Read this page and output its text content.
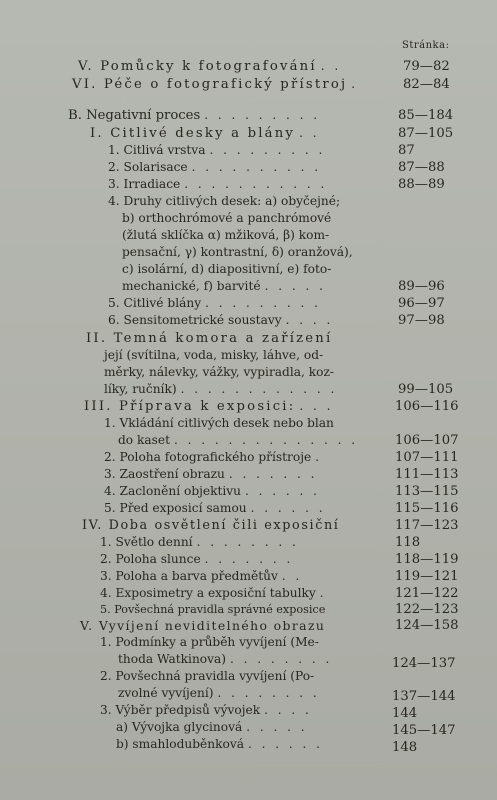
Stránka:
V. Pomůcky k fotografování . .	79—82
VI. Péče o fotografický přístroj .	82—84
B. Negativní proces . . . . . . . . .	85—184
I. Citlivé desky a blány . .	87—105
1. Citlivá vrstva . . . . . . . . .	87
2. Solarisace . . . . . . . . . .	87—88
3. Irradiace . . . . . . . . . . .	88—89
4. Druhy citlivých desek: a) obyčejné;
b) orthochrómové a panchrómové
(žlutá sklíčka α) mžiková, β) kom-
pensační, γ) kontrastní, δ) oranžová),
c) isolární, d) diapositivní, e) foto-
mechanické, f) barvité . . . . .	89—96
5. Citlivé blány . . . . . . . . .	96—97
6. Sensitometrické soustavy . . . .	97—98
II. Temná komora a zařízení
její (svítilna, voda, misky, láhve, od-
měrky, nálevky, vážky, vypiradla, koz-
líky, ručník) . . . . . . . . . . . .	99—105
III. Příprava k exposici: . . .	106—116
1. Vkládání citlivých desek nebo blan
do kaset . . . . . . . . . . . . . .	106—107
2. Poloha fotografického přístroje .	107—111
3. Zaostření obrazu . . . . . . .	111—113
4. Zaclonění objektivu . . . . . .	113—115
5. Před exposicí samou . . . . . .	115—116
IV. Doba osvětlení čili exposiční	117—123
1. Světlo denní . . . . . . . .	118
2. Poloha slunce . . . . . . .	118—119
3. Poloha a barva předmětův . .	119—121
4. Exposimetry a exposiční tabulky .	121—122
5. Povšechná pravidla správné exposice	122—123
V. Vyvíjení neviditelného obrazu	124—158
1. Podmínky a průběh vyvíjení (Me-
thoda Watkinova) . . . . . . . .	124—137
2. Povšechná pravidla vyvíjení (Po-
zvolné vyvíjení) . . . . . . . .	137—144
3. Výběr předpisů vývojek . . . .	144
a) Vývojka glycinová . . . . .	145—147
b) smahloduběnková . . . . . .	148
